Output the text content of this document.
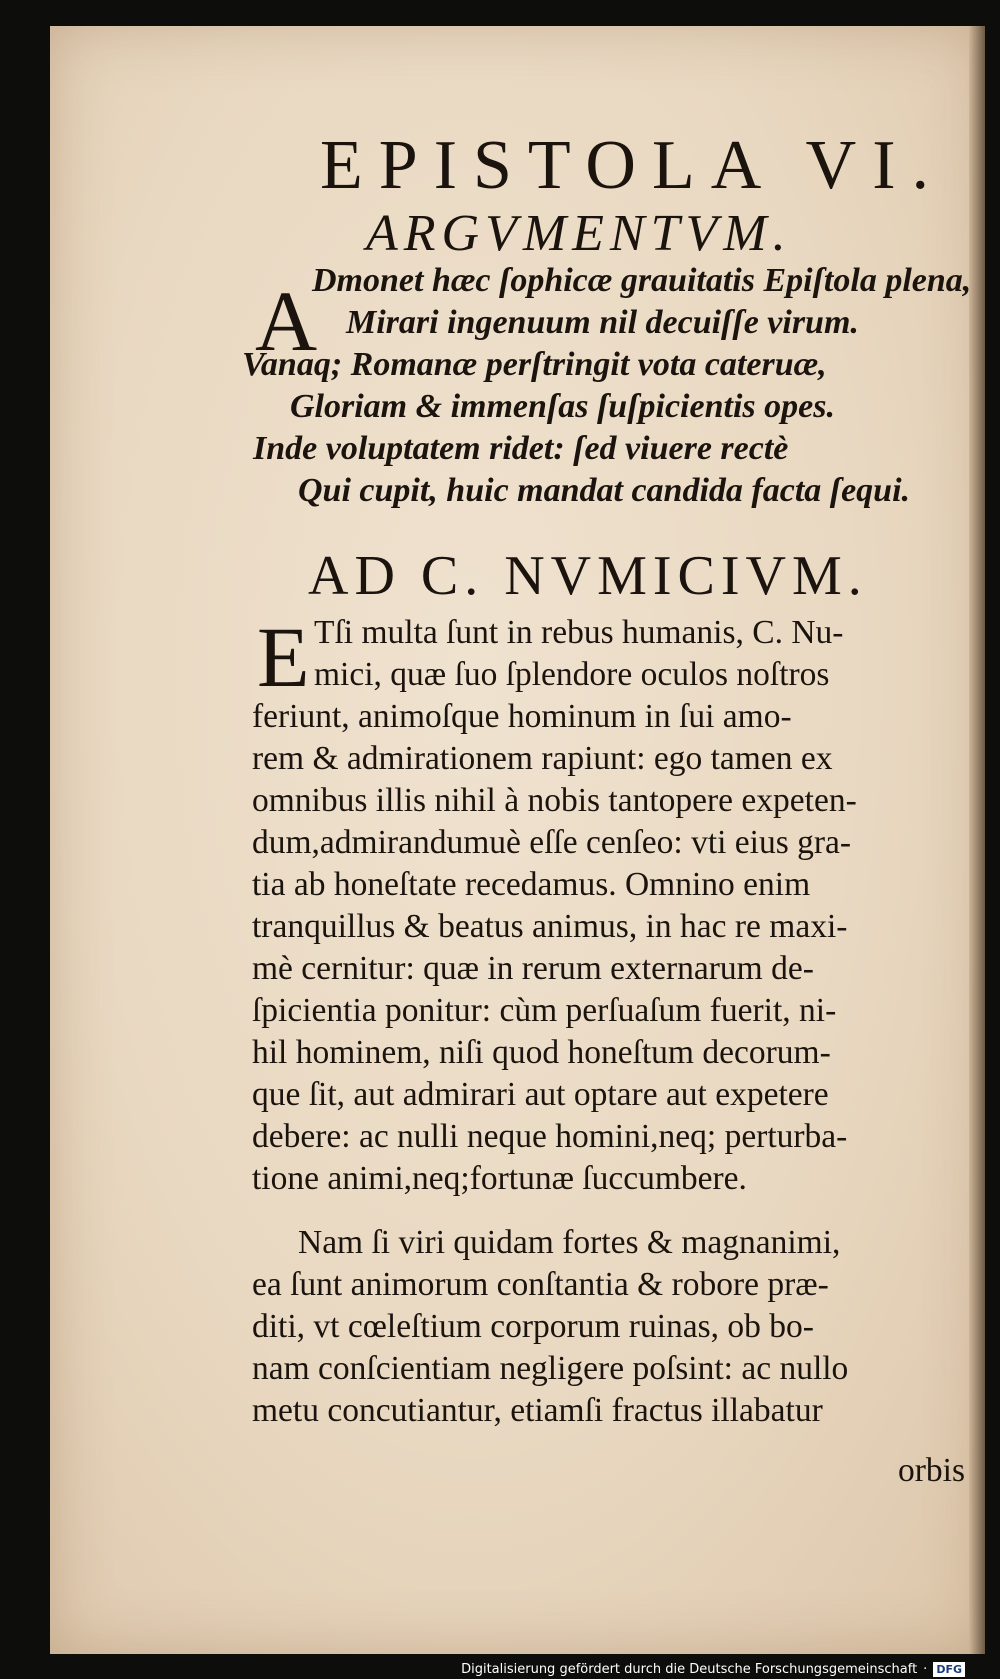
EPISTOLA VI.
ARGVMENTVM.
A
Dmonet hæc ſophicæ grauitatis Epiſtola plena,
Mirari ingenuum nil decuiſſe virum.
Vanaq; Romanæ perſtringit vota cateruæ,
Gloriam & immenſas ſuſpicientis opes.
Inde voluptatem ridet: ſed viuere rectè
Qui cupit, huic mandat candida facta ſequi.
AD C. NVMICIVM.
E Tſi multa ſunt in rebus humanis, C. Nu-
mici, quæ ſuo ſplendore oculos noſtros
feriunt, animoſque hominum in ſui amo-
rem & admirationem rapiunt: ego tamen ex
omnibus illis nihil à nobis tantopere expeten-
dum,admirandumuè eſſe cenſeo: vti eius gra-
tia ab honeſtate recedamus. Omnino enim
tranquillus & beatus animus, in hac re maxi-
mè cernitur: quæ in rerum externarum de-
ſpicientia ponitur: cùm perſuaſum fuerit, ni-
hil hominem, niſi quod honeſtum decorum-
que ſit, aut admirari aut optare aut expetere
debere: ac nulli neque homini,neq; perturba-
tione animi,neq;fortunæ ſuccumbere.
Nam ſi viri quidam fortes & magnanimi,
ea ſunt animorum conſtantia & robore præ-
diti, vt cœleſtium corporum ruinas, ob bo-
nam conſcientiam negligere poſsint: ac nullo
metu concutiantur, etiamſi fractus illabatur
orbis
Digitalisierung gefördert durch die Deutsche Forschungsgemeinschaft · DFG
